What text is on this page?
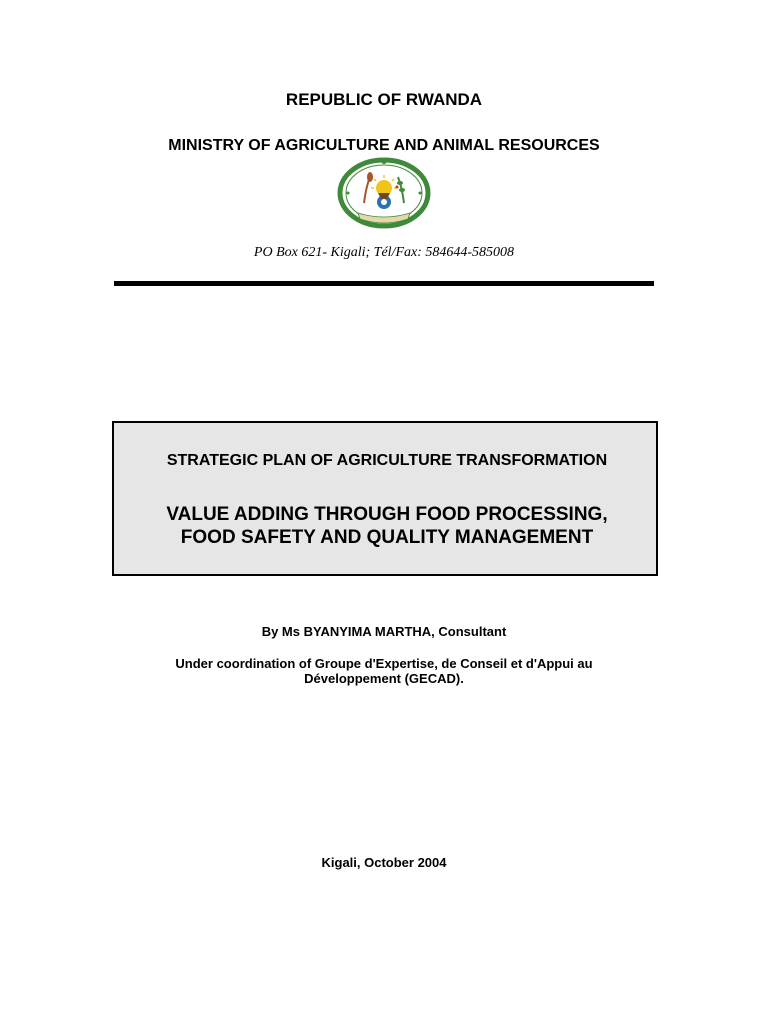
REPUBLIC OF RWANDA
MINISTRY OF AGRICULTURE AND ANIMAL RESOURCES
PO Box 621- Kigali; Tél/Fax: 584644-585008
STRATEGIC PLAN OF AGRICULTURE TRANSFORMATION
VALUE ADDING THROUGH FOOD PROCESSING,
FOOD SAFETY AND QUALITY MANAGEMENT
By Ms BYANYIMA MARTHA, Consultant
Under coordination of Groupe d'Expertise, de Conseil et d'Appui au Développement (GECAD).
Kigali, October 2004
